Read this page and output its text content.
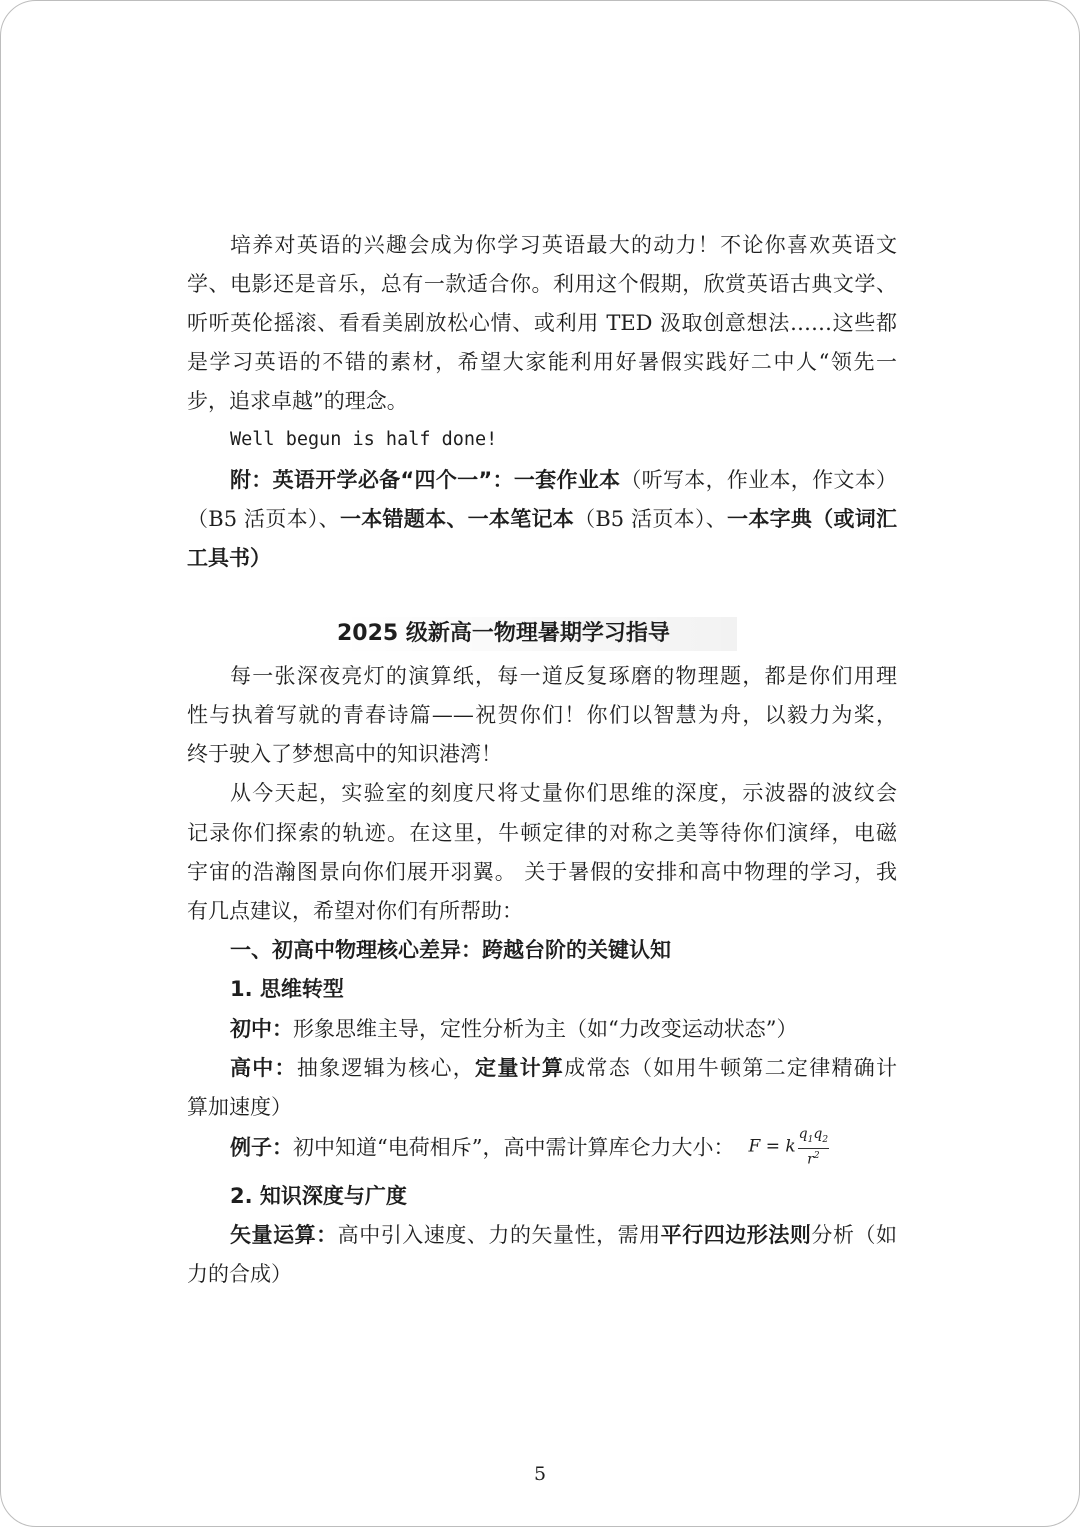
培养对英语的兴趣会成为你学习英语最大的动力！不论你喜欢英语文
学、电影还是音乐，总有一款适合你。利用这个假期，欣赏英语古典文学、
听听英伦摇滚、看看美剧放松心情、或利用 TED 汲取创意想法……这些都
是学习英语的不错的素材，希望大家能利用好暑假实践好二中人“领先一
步，追求卓越”的理念。
Well begun is half done!
附：英语开学必备“四个一”：一套作业本（听写本，作业本，作文本）
（B5 活页本）、一本错题本、一本笔记本（B5 活页本）、一本字典（或词汇
工具书）
2025 级新高一物理暑期学习指导
每一张深夜亮灯的演算纸，每一道反复琢磨的物理题，都是你们用理
性与执着写就的青春诗篇——祝贺你们！你们以智慧为舟，以毅力为桨，
终于驶入了梦想高中的知识港湾！
从今天起，实验室的刻度尺将丈量你们思维的深度，示波器的波纹会
记录你们探索的轨迹。在这里，牛顿定律的对称之美等待你们演绎，电磁
宇宙的浩瀚图景向你们展开羽翼。 关于暑假的安排和高中物理的学习，我
有几点建议，希望对你们有所帮助：
一、初高中物理核心差异：跨越台阶的关键认知
1. 思维转型
初中：形象思维主导，定性分析为主（如“力改变运动状态”）
高中：抽象逻辑为核心，定量计算成常态（如用牛顿第二定律精确计
算加速度）
例子：初中知道“电荷相斥”，高中需计算库仑力大小： F = k $\frac{q_1q_2}{r^2}$
2. 知识深度与广度
矢量运算：高中引入速度、力的矢量性，需用平行四边形法则分析（如
力的合成）
5
